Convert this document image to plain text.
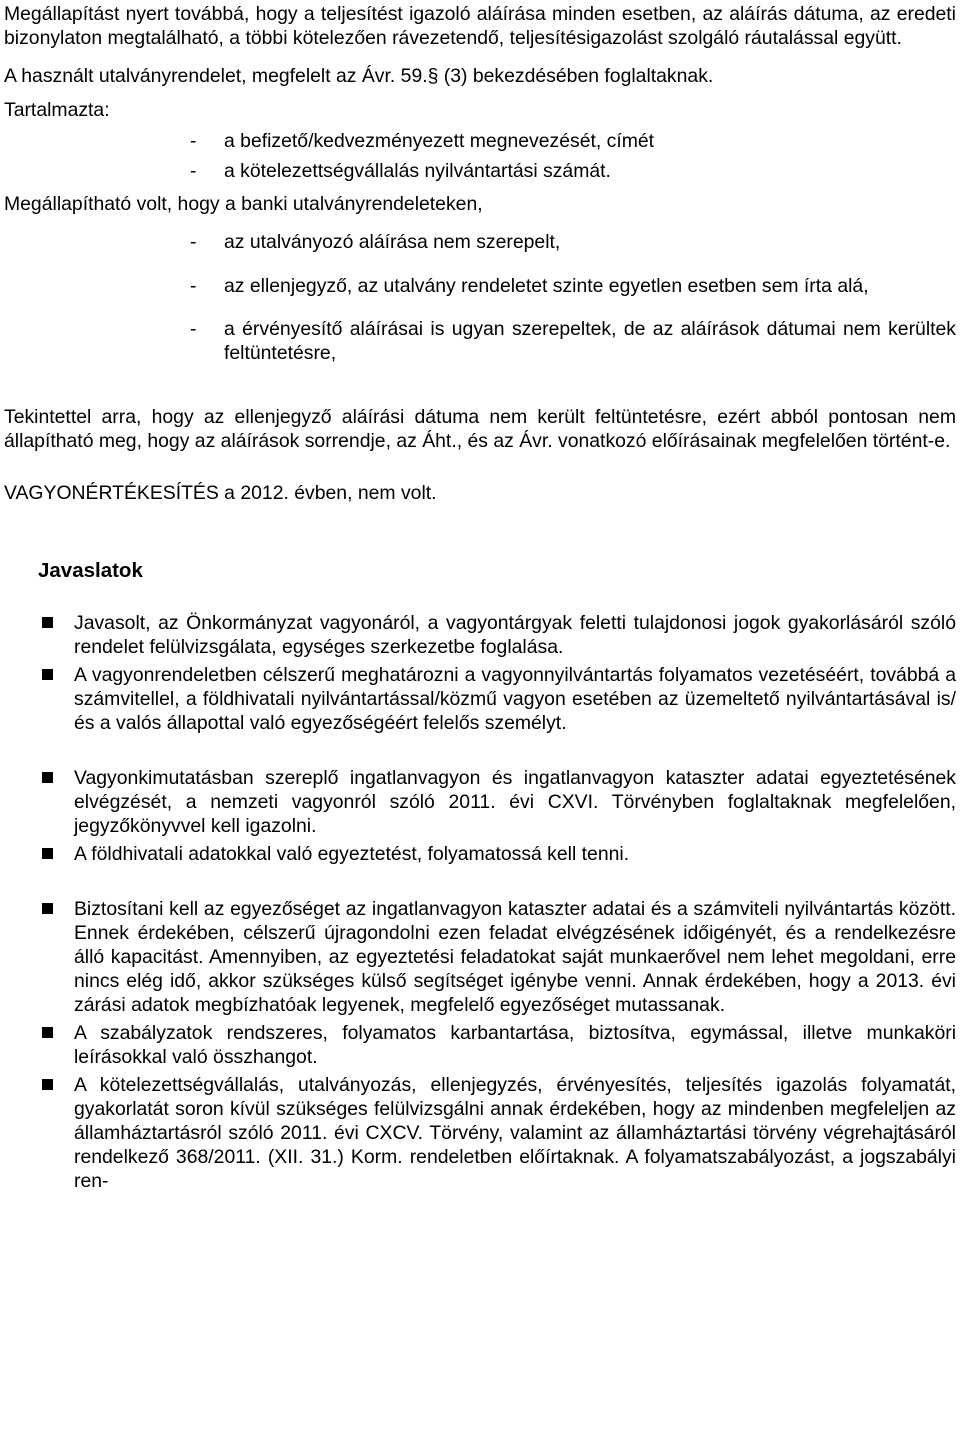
Megállapítást nyert továbbá, hogy a teljesítést igazoló aláírása minden esetben, az aláírás dátuma, az eredeti bizonylaton megtalálható, a többi kötelezően rávezetendő, teljesítésigazolást szolgáló ráutalással együtt.

A használt utalványrendelet, megfelelt az Ávr. 59.§ (3) bekezdésében foglaltaknak.

Tartalmazta:

-	a befizető/kedvezményezett megnevezését, címét
-	a kötelezettségvállalás nyilvántartási számát.

Megállapítható volt, hogy a banki utalványrendeleteken,

-	az utalványozó aláírása nem szerepelt,
-	az ellenjegyző, az utalvány rendeletet szinte egyetlen esetben sem írta alá,
-	a érvényesítő aláírásai is ugyan szerepeltek, de az aláírások dátumai nem kerültek feltüntetésre,

Tekintettel arra, hogy az ellenjegyző aláírási dátuma nem került feltüntetésre, ezért abból pontosan nem állapítható meg, hogy az aláírások sorrendje, az Áht., és az Ávr. vonatkozó előírásainak megfelelően történt-e.

VAGYONÉRTÉKESÍTÉS a 2012. évben, nem volt.

Javaslatok
Javasolt, az Önkormányzat vagyonáról, a vagyontárgyak feletti tulajdonosi jogok gyakorlásáról szóló rendelet felülvizsgálata, egységes szerkezetbe foglalása.
A vagyonrendeletben célszerű meghatározni a vagyonnyilvántartás folyamatos vezetéséért, továbbá a számvitellel, a földhivatali nyilvántartással/közmű vagyon esetében az üzemeltető nyilvántartásával is/és a valós állapottal való egyezőségéért felelős személyt.
Vagyonkimutatásban szereplő ingatlanvagyon és ingatlanvagyon kataszter adatai egyeztetésének elvégzését, a nemzeti vagyonról szóló 2011. évi CXVI. Törvényben foglaltaknak megfelelően, jegyzőkönyvvel kell igazolni.
A földhivatali adatokkal való egyeztetést, folyamatossá kell tenni.
Biztosítani kell az egyezőséget az ingatlanvagyon kataszter adatai és a számviteli nyilvántartás között. Ennek érdekében, célszerű újragondolni ezen feladat elvégzésének időigényét, és a rendelkezésre álló kapacitást. Amennyiben, az egyeztetési feladatokat saját munkaerővel nem lehet megoldani, erre nincs elég idő, akkor szükséges külső segítséget igénybe venni. Annak érdekében, hogy a 2013. évi zárási adatok megbízhatóak legyenek, megfelelő egyezőséget mutassanak.
A szabályzatok rendszeres, folyamatos karbantartása, biztosítva, egymással, illetve munkaköri leírásokkal való összhangot.
A kötelezettségvállalás, utalványozás, ellenjegyzés, érvényesítés, teljesítés igazolás folyamatát, gyakorlatát soron kívül szükséges felülvizsgálni annak érdekében, hogy az mindenben megfeleljen az államháztartásról szóló 2011. évi CXCV. Törvény, valamint az államháztartási törvény végrehajtásáról rendelkező 368/2011. (XII. 31.) Korm. rendeletben előírtaknak. A folyamatszabályozást, a jogszabályi ren-
